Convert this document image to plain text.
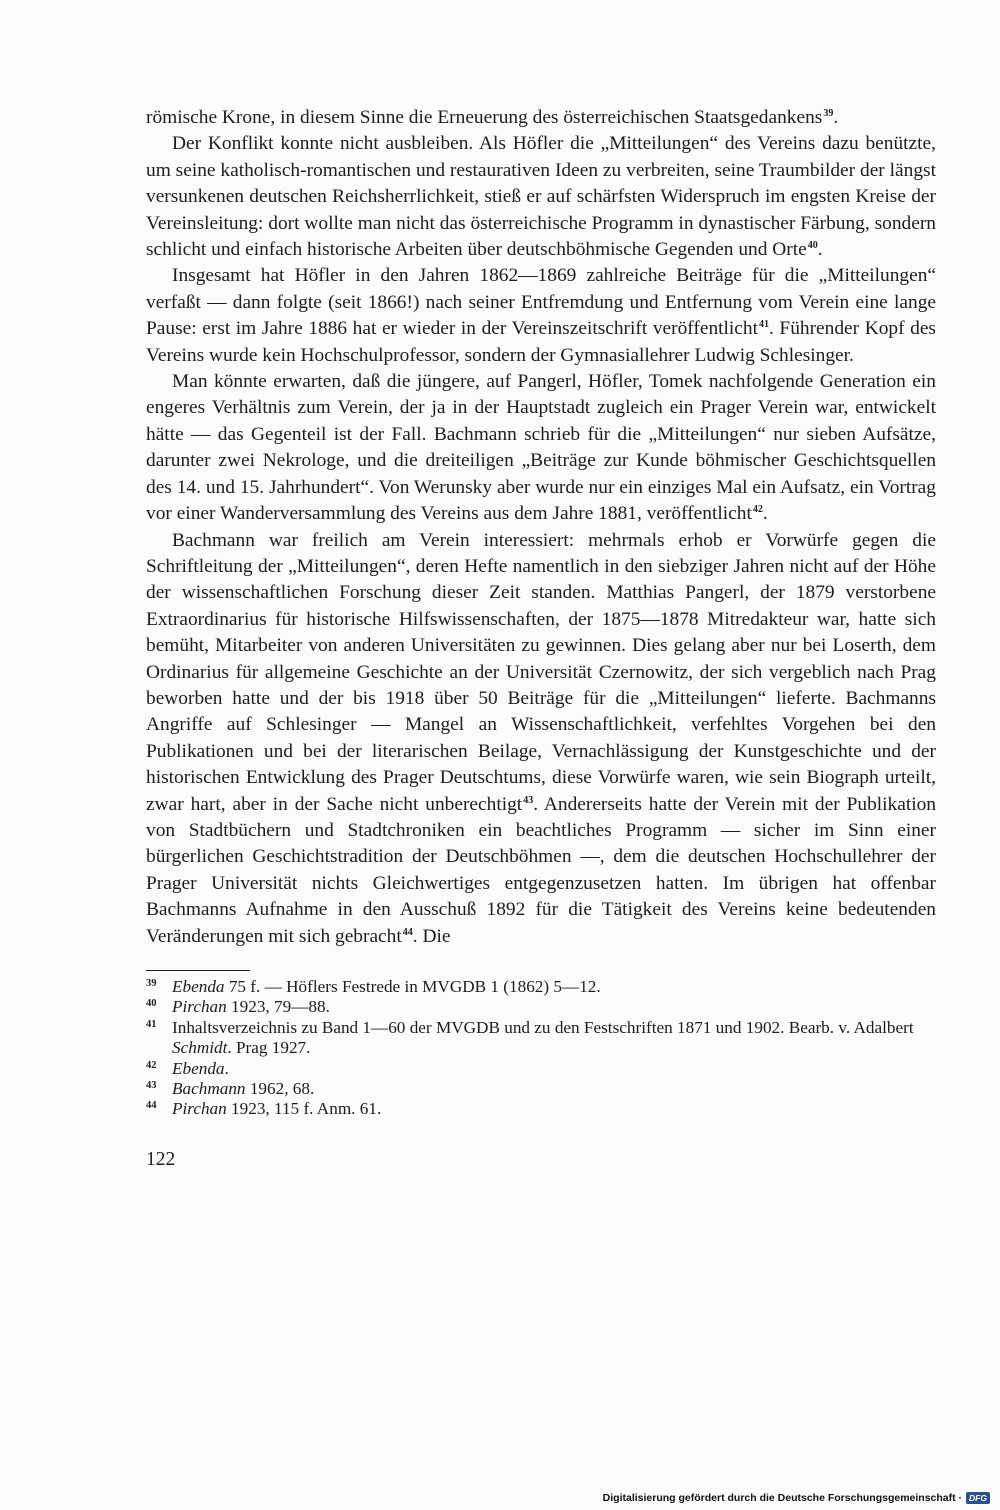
römische Krone, in diesem Sinne die Erneuerung des österreichischen Staatsgedankens$^{39}$.

Der Konflikt konnte nicht ausbleiben. Als Höfler die „Mitteilungen“ des Vereins dazu benützte, um seine katholisch-romantischen und restaurativen Ideen zu verbreiten, seine Traumbilder der längst versunkenen deutschen Reichsherrlichkeit, stieß er auf schärfsten Widerspruch im engsten Kreise der Vereinsleitung: dort wollte man nicht das österreichische Programm in dynastischer Färbung, sondern schlicht und einfach historische Arbeiten über deutschböhmische Gegenden und Orte$^{40}$.

Insgesamt hat Höfler in den Jahren 1862—1869 zahlreiche Beiträge für die „Mitteilungen“ verfaßt — dann folgte (seit 1866!) nach seiner Entfremdung und Entfernung vom Verein eine lange Pause: erst im Jahre 1886 hat er wieder in der Vereinszeitschrift veröffentlicht$^{41}$. Führender Kopf des Vereins wurde kein Hochschulprofessor, sondern der Gymnasiallehrer Ludwig Schlesinger.

Man könnte erwarten, daß die jüngere, auf Pangerl, Höfler, Tomek nachfolgende Generation ein engeres Verhältnis zum Verein, der ja in der Hauptstadt zugleich ein Prager Verein war, entwickelt hätte — das Gegenteil ist der Fall. Bachmann schrieb für die „Mitteilungen“ nur sieben Aufsätze, darunter zwei Nekrologe, und die dreiteiligen „Beiträge zur Kunde böhmischer Geschichtsquellen des 14. und 15. Jahrhundert“. Von Werunsky aber wurde nur ein einziges Mal ein Aufsatz, ein Vortrag vor einer Wanderversammlung des Vereins aus dem Jahre 1881, veröffentlicht$^{42}$.

Bachmann war freilich am Verein interessiert: mehrmals erhob er Vorwürfe gegen die Schriftleitung der „Mitteilungen“, deren Hefte namentlich in den siebziger Jahren nicht auf der Höhe der wissenschaftlichen Forschung dieser Zeit standen. Matthias Pangerl, der 1879 verstorbene Extraordinarius für historische Hilfswissenschaften, der 1875—1878 Mitredakteur war, hatte sich bemüht, Mitarbeiter von anderen Universitäten zu gewinnen. Dies gelang aber nur bei Loserth, dem Ordinarius für allgemeine Geschichte an der Universität Czernowitz, der sich vergeblich nach Prag beworben hatte und der bis 1918 über 50 Beiträge für die „Mitteilungen“ lieferte. Bachmanns Angriffe auf Schlesinger — Mangel an Wissenschaftlichkeit, verfehltes Vorgehen bei den Publikationen und bei der literarischen Beilage, Vernachlässigung der Kunstgeschichte und der historischen Entwicklung des Prager Deutschtums, diese Vorwürfe waren, wie sein Biograph urteilt, zwar hart, aber in der Sache nicht unberechtigt$^{43}$. Andererseits hatte der Verein mit der Publikation von Stadtbüchern und Stadtchroniken ein beachtliches Programm — sicher im Sinn einer bürgerlichen Geschichtstradition der Deutschböhmen —, dem die deutschen Hochschullehrer der Prager Universität nichts Gleichwertiges entgegenzusetzen hatten. Im übrigen hat offenbar Bachmanns Aufnahme in den Ausschuß 1892 für die Tätigkeit des Vereins keine bedeutenden Veränderungen mit sich gebracht$^{44}$. Die

39 Ebenda 75 f. — Höflers Festrede in MVGDB 1 (1862) 5—12.
40 Pirchan 1923, 79—88.
41 Inhaltsverzeichnis zu Band 1—60 der MVGDB und zu den Festschriften 1871 und 1902. Bearb. v. Adalbert Schmidt. Prag 1927.
42 Ebenda.
43 Bachmann 1962, 68.
44 Pirchan 1923, 115 f. Anm. 61.
122
Digitalisierung gefördert durch die Deutsche Forschungsgemeinschaft · DFG
